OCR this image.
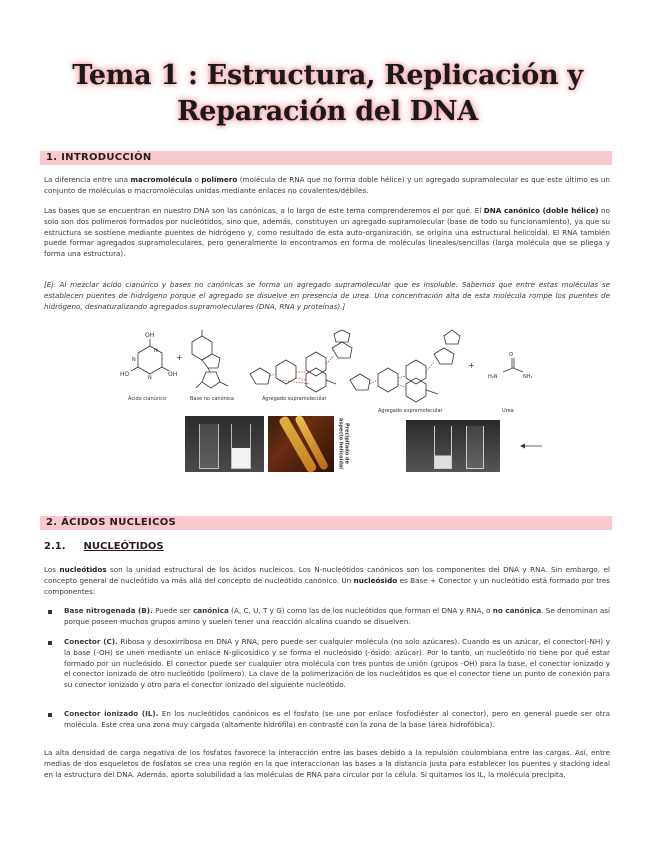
Tema 1 : Estructura, Replicación y Reparación del DNA
1. INTRODUCCIÓN
La diferencia entre una macromolécula o polímero (molécula de RNA que no forma doble hélice) y un agregado supramolecular es que este último es un conjunto de moléculas o macromoléculas unidas mediante enlaces no covalentes/débiles.
Las bases que se encuentran en nuestro DNA son las canónicas, a lo largo de este tema comprenderemos el por qué. El DNA canónico (doble hélice) no solo son dos polímeros formados por nucleótidos, sino que, además, constituyen un agregado supramolecular (base de todo su funcionamiento), ya que su estructura se sostiene mediante puentes de hidrógeno y, como resultado de esta auto-organización, se origina una estructural helicoidal. El RNA también puede formar agregados supramoleculares, pero generalmente lo encontramos en forma de moléculas lineales/sencillas (larga molécula que se pliega y forma una estructura).
[Ej: Al mezclar ácido cianúrico y bases no canónicas se forma un agregado supramolecular que es insoluble. Sabemos que entre estas moléculas se establecen puentes de hidrógeno porque el agregado se disuelve en presencia de urea. Una concentración alta de esta molécula rompe los puentes de hidrógeno, desnaturalizando agregados supramoleculares (DNA, RNA y proteínas).]
OH
HO	OH
N
N
N
+
+
O
H₂N	NH₂
Ácido cianúrico	Base no canónica	Agregado supramolecular
Agregado supramolecular	Urea
Precipitado de aspecto helicoidal
2. ÁCIDOS NUCLEICOS
2.1. NUCLEÓTIDOS
Los nucleótidos son la unidad estructural de los ácidos nucleicos. Los N-nucleótidos canónicos son los componentes del DNA y RNA. Sin embargo, el concepto general de nucleótido va más allá del concepto de nucleótido canónico. Un nucleósido es Base + Conector y un nucleótido está formado por tres componentes:
Base nitrogenada (B). Puede ser canónica (A, C, U, T y G) como las de los nucleótidos que forman el DNA y RNA, o no canónica. Se denominan así porque poseen muchos grupos amino y suelen tener una reacción alcalina cuando se disuelven.
Conector (C). Ribosa y desoxirribosa en DNA y RNA, pero puede ser cualquier molécula (no solo azúcares). Cuando es un azúcar, el conector(-NH) y la base (-OH) se unen mediante un enlace N-glicosídico y se forma el nucleósido (-ósido: azúcar). Por lo tanto, un nucleótido no tiene por qué estar formado por un nucleósido. El conector puede ser cualquier otra molécula con tres puntos de unión (grupos -OH) para la base, el conector ionizado y el conector ionizado de otro nucleótido (polímero). La clave de la polimerización de los nucleótidos es que el conector tiene un punto de conexión para su conector ionizado y otro para el conector ionizado del siguiente nucleótido.
Conector ionizado (IL). En los nucleótidos canónicos es el fosfato (se une por enlace fosfodiéster al conector), pero en general puede ser otra molécula. Este crea una zona muy cargada (altamente hidrófila) en contraste con la zona de la base (área hidrofóbica).
La alta densidad de carga negativa de los fosfatos favorece la interacción entre las bases debido a la repulsión coulombiana entre las cargas. Así, entre medias de dos esqueletos de fosfatos se crea una región en la que interaccionan las bases a la distancia justa para establecer los puentes y stacking ideal en la estructura del DNA. Además, aporta solubilidad a las moléculas de RNA para circular por la célula. Si quitamos los IL, la molécula precipita.
